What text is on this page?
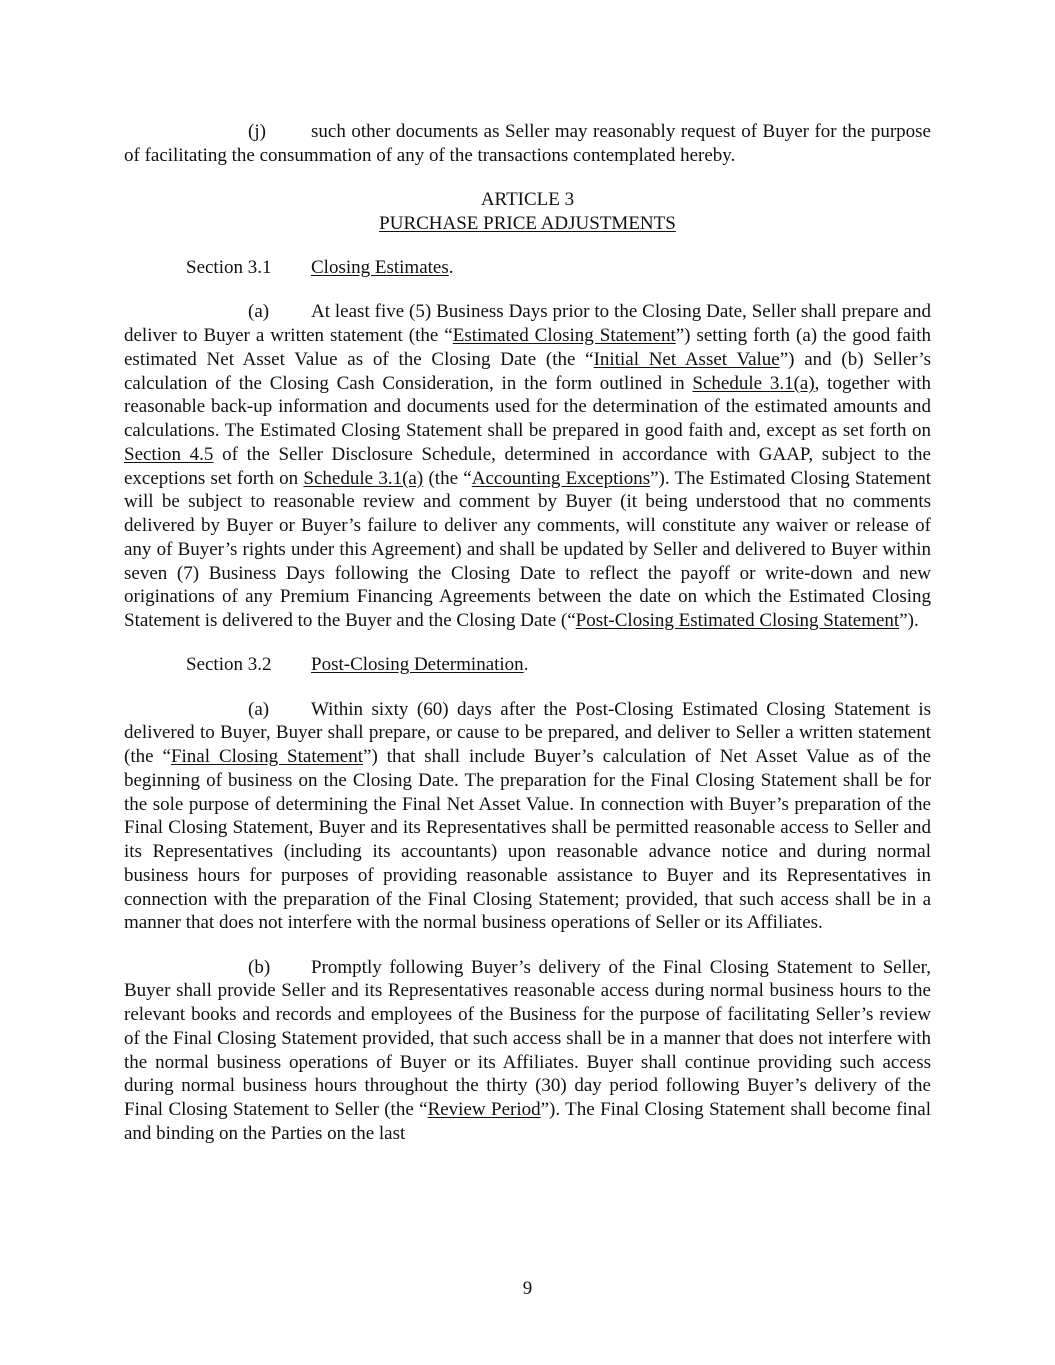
(j) such other documents as Seller may reasonably request of Buyer for the purpose of facilitating the consummation of any of the transactions contemplated hereby.
ARTICLE 3
PURCHASE PRICE ADJUSTMENTS
Section 3.1 Closing Estimates.
(a) At least five (5) Business Days prior to the Closing Date, Seller shall prepare and deliver to Buyer a written statement (the “Estimated Closing Statement”) setting forth (a) the good faith estimated Net Asset Value as of the Closing Date (the “Initial Net Asset Value”) and (b) Seller’s calculation of the Closing Cash Consideration, in the form outlined in Schedule 3.1(a), together with reasonable back-up information and documents used for the determination of the estimated amounts and calculations. The Estimated Closing Statement shall be prepared in good faith and, except as set forth on Section 4.5 of the Seller Disclosure Schedule, determined in accordance with GAAP, subject to the exceptions set forth on Schedule 3.1(a) (the “Accounting Exceptions”). The Estimated Closing Statement will be subject to reasonable review and comment by Buyer (it being understood that no comments delivered by Buyer or Buyer’s failure to deliver any comments, will constitute any waiver or release of any of Buyer’s rights under this Agreement) and shall be updated by Seller and delivered to Buyer within seven (7) Business Days following the Closing Date to reflect the payoff or write-down and new originations of any Premium Financing Agreements between the date on which the Estimated Closing Statement is delivered to the Buyer and the Closing Date (“Post-Closing Estimated Closing Statement”).
Section 3.2 Post-Closing Determination.
(a) Within sixty (60) days after the Post-Closing Estimated Closing Statement is delivered to Buyer, Buyer shall prepare, or cause to be prepared, and deliver to Seller a written statement (the “Final Closing Statement”) that shall include Buyer’s calculation of Net Asset Value as of the beginning of business on the Closing Date. The preparation for the Final Closing Statement shall be for the sole purpose of determining the Final Net Asset Value. In connection with Buyer’s preparation of the Final Closing Statement, Buyer and its Representatives shall be permitted reasonable access to Seller and its Representatives (including its accountants) upon reasonable advance notice and during normal business hours for purposes of providing reasonable assistance to Buyer and its Representatives in connection with the preparation of the Final Closing Statement; provided, that such access shall be in a manner that does not interfere with the normal business operations of Seller or its Affiliates.
(b) Promptly following Buyer’s delivery of the Final Closing Statement to Seller, Buyer shall provide Seller and its Representatives reasonable access during normal business hours to the relevant books and records and employees of the Business for the purpose of facilitating Seller’s review of the Final Closing Statement provided, that such access shall be in a manner that does not interfere with the normal business operations of Buyer or its Affiliates. Buyer shall continue providing such access during normal business hours throughout the thirty (30) day period following Buyer’s delivery of the Final Closing Statement to Seller (the “Review Period”). The Final Closing Statement shall become final and binding on the Parties on the last
9
